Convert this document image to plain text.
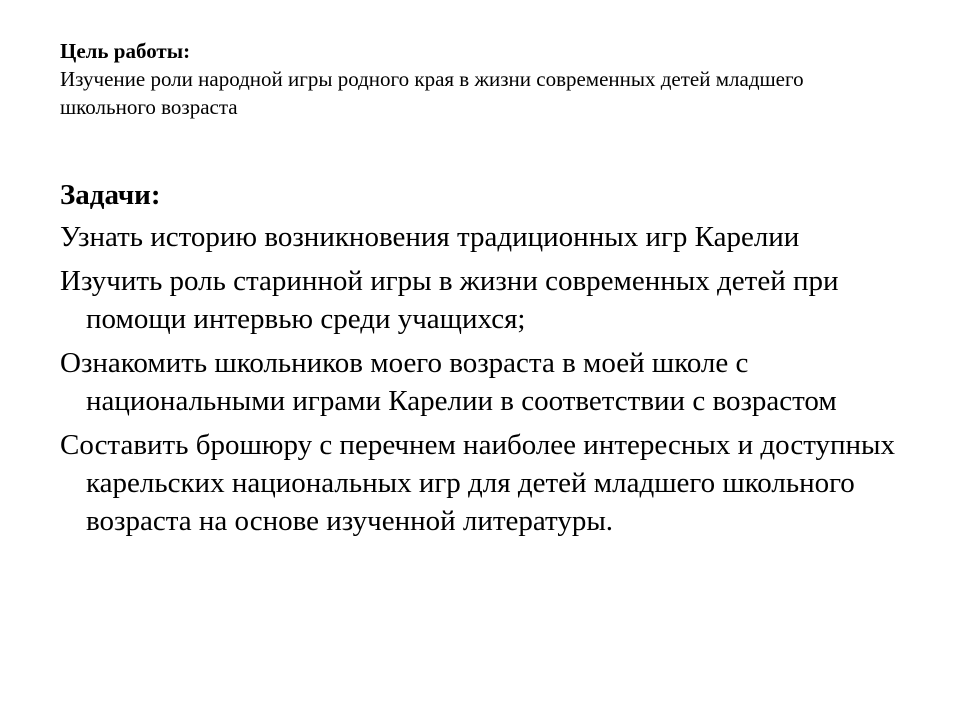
Цель работы:
Изучение роли народной игры родного края в жизни современных детей младшего школьного возраста
Задачи:
Узнать историю возникновения традиционных игр Карелии
Изучить роль старинной игры в жизни современных детей при помощи интервью среди учащихся;
Ознакомить школьников моего возраста в моей школе с национальными играми Карелии в соответствии с возрастом
Составить брошюру с перечнем наиболее интересных и доступных карельских национальных игр для детей младшего школьного возраста на основе изученной литературы.
